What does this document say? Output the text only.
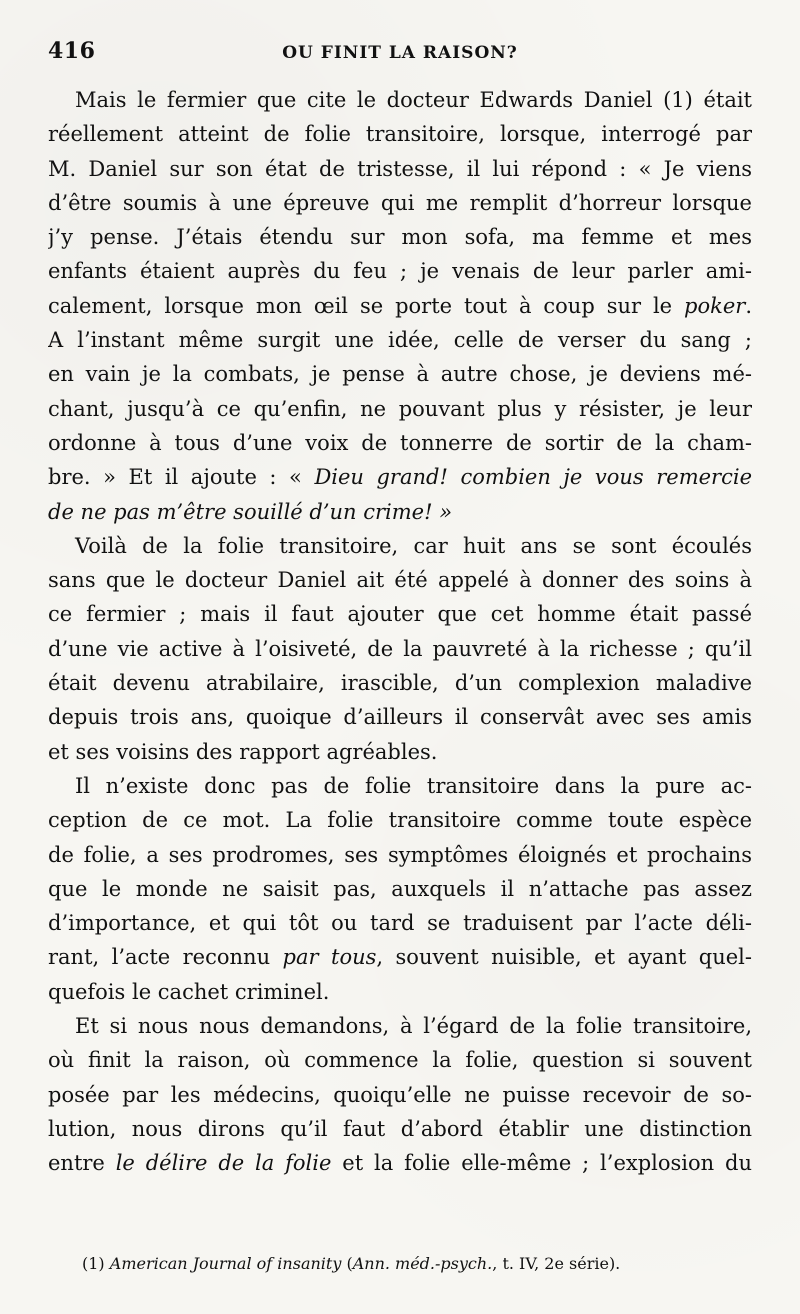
416	OU FINIT LA RAISON?
Mais le fermier que cite le docteur Edwards Daniel (1) était
réellement atteint de folie transitoire, lorsque, interrogé par
M. Daniel sur son état de tristesse, il lui répond : « Je viens
d’être soumis à une épreuve qui me remplit d’horreur lorsque
j’y pense. J’étais étendu sur mon sofa, ma femme et mes
enfants étaient auprès du feu ; je venais de leur parler ami-
calement, lorsque mon œil se porte tout à coup sur le poker.
A l’instant même surgit une idée, celle de verser du sang ;
en vain je la combats, je pense à autre chose, je deviens mé-
chant, jusqu’à ce qu’enfin, ne pouvant plus y résister, je leur
ordonne à tous d’une voix de tonnerre de sortir de la cham-
bre. » Et il ajoute : « Dieu grand! combien je vous remercie
de ne pas m’être souillé d’un crime! »
Voilà de la folie transitoire, car huit ans se sont écoulés
sans que le docteur Daniel ait été appelé à donner des soins à
ce fermier ; mais il faut ajouter que cet homme était passé
d’une vie active à l’oisiveté, de la pauvreté à la richesse ; qu’il
était devenu atrabilaire, irascible, d’un complexion maladive
depuis trois ans, quoique d’ailleurs il conservât avec ses amis
et ses voisins des rapport agréables.
Il n’existe donc pas de folie transitoire dans la pure ac-
ception de ce mot. La folie transitoire comme toute espèce
de folie, a ses prodromes, ses symptômes éloignés et prochains
que le monde ne saisit pas, auxquels il n’attache pas assez
d’importance, et qui tôt ou tard se traduisent par l’acte déli-
rant, l’acte reconnu par tous, souvent nuisible, et ayant quel-
quefois le cachet criminel.
Et si nous nous demandons, à l’égard de la folie transitoire,
où finit la raison, où commence la folie, question si souvent
posée par les médecins, quoiqu’elle ne puisse recevoir de so-
lution, nous dirons qu’il faut d’abord établir une distinction
entre le délire de la folie et la folie elle-même ; l’explosion du
(1) American Journal of insanity (Ann. méd.-psych., t. IV, 2e série).
